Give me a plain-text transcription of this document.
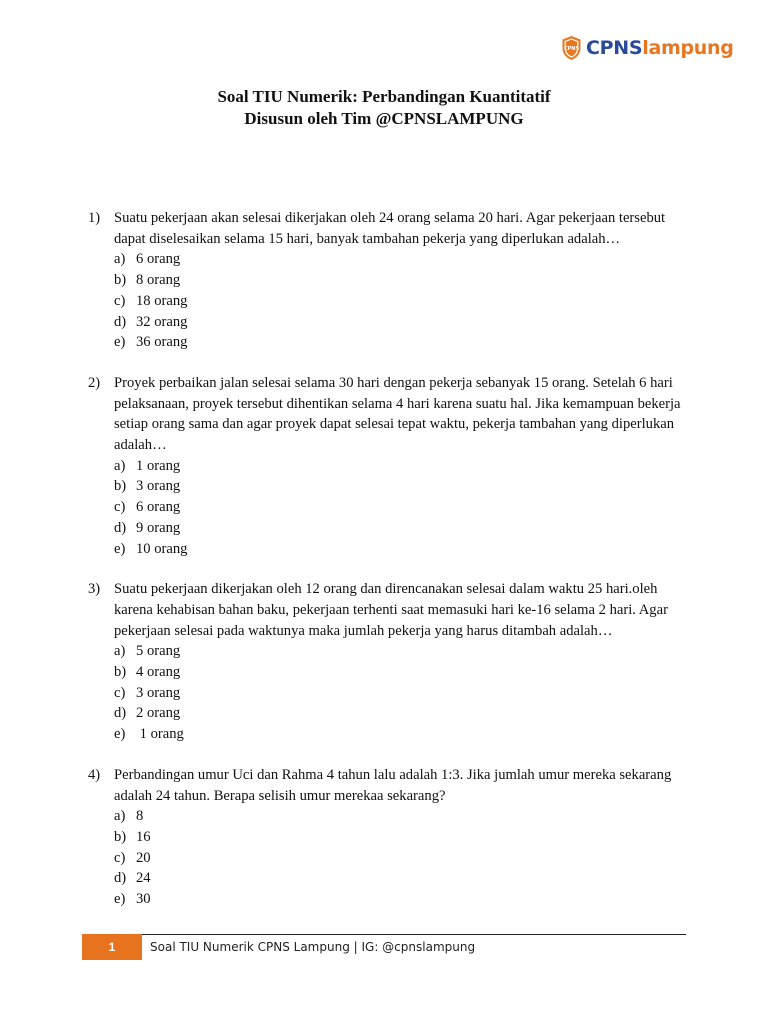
CPNS CPNSlampung
Soal TIU Numerik: Perbandingan Kuantitatif
Disusun oleh Tim @CPNSLAMPUNG
1) Suatu pekerjaan akan selesai dikerjakan oleh 24 orang selama 20 hari. Agar pekerjaan tersebut dapat diselesaikan selama 15 hari, banyak tambahan pekerja yang diperlukan adalah…
a) 6 orang
b) 8 orang
c) 18 orang
d) 32 orang
e) 36 orang
2) Proyek perbaikan jalan selesai selama 30 hari dengan pekerja sebanyak 15 orang. Setelah 6 hari pelaksanaan, proyek tersebut dihentikan selama 4 hari karena suatu hal. Jika kemampuan bekerja setiap orang sama dan agar proyek dapat selesai tepat waktu, pekerja tambahan yang diperlukan adalah…
a) 1 orang
b) 3 orang
c) 6 orang
d) 9 orang
e) 10 orang
3) Suatu pekerjaan dikerjakan oleh 12 orang dan direncanakan selesai dalam waktu 25 hari.oleh karena kehabisan bahan baku, pekerjaan terhenti saat memasuki hari ke-16 selama 2 hari. Agar pekerjaan selesai pada waktunya maka jumlah pekerja yang harus ditambah adalah…
a) 5 orang
b) 4 orang
c) 3 orang
d) 2 orang
e) 1 orang
4) Perbandingan umur Uci dan Rahma 4 tahun lalu adalah 1:3. Jika jumlah umur mereka sekarang adalah 24 tahun. Berapa selisih umur merekaa sekarang?
a) 8
b) 16
c) 20
d) 24
e) 30
1	Soal TIU Numerik CPNS Lampung | IG: @cpnslampung
